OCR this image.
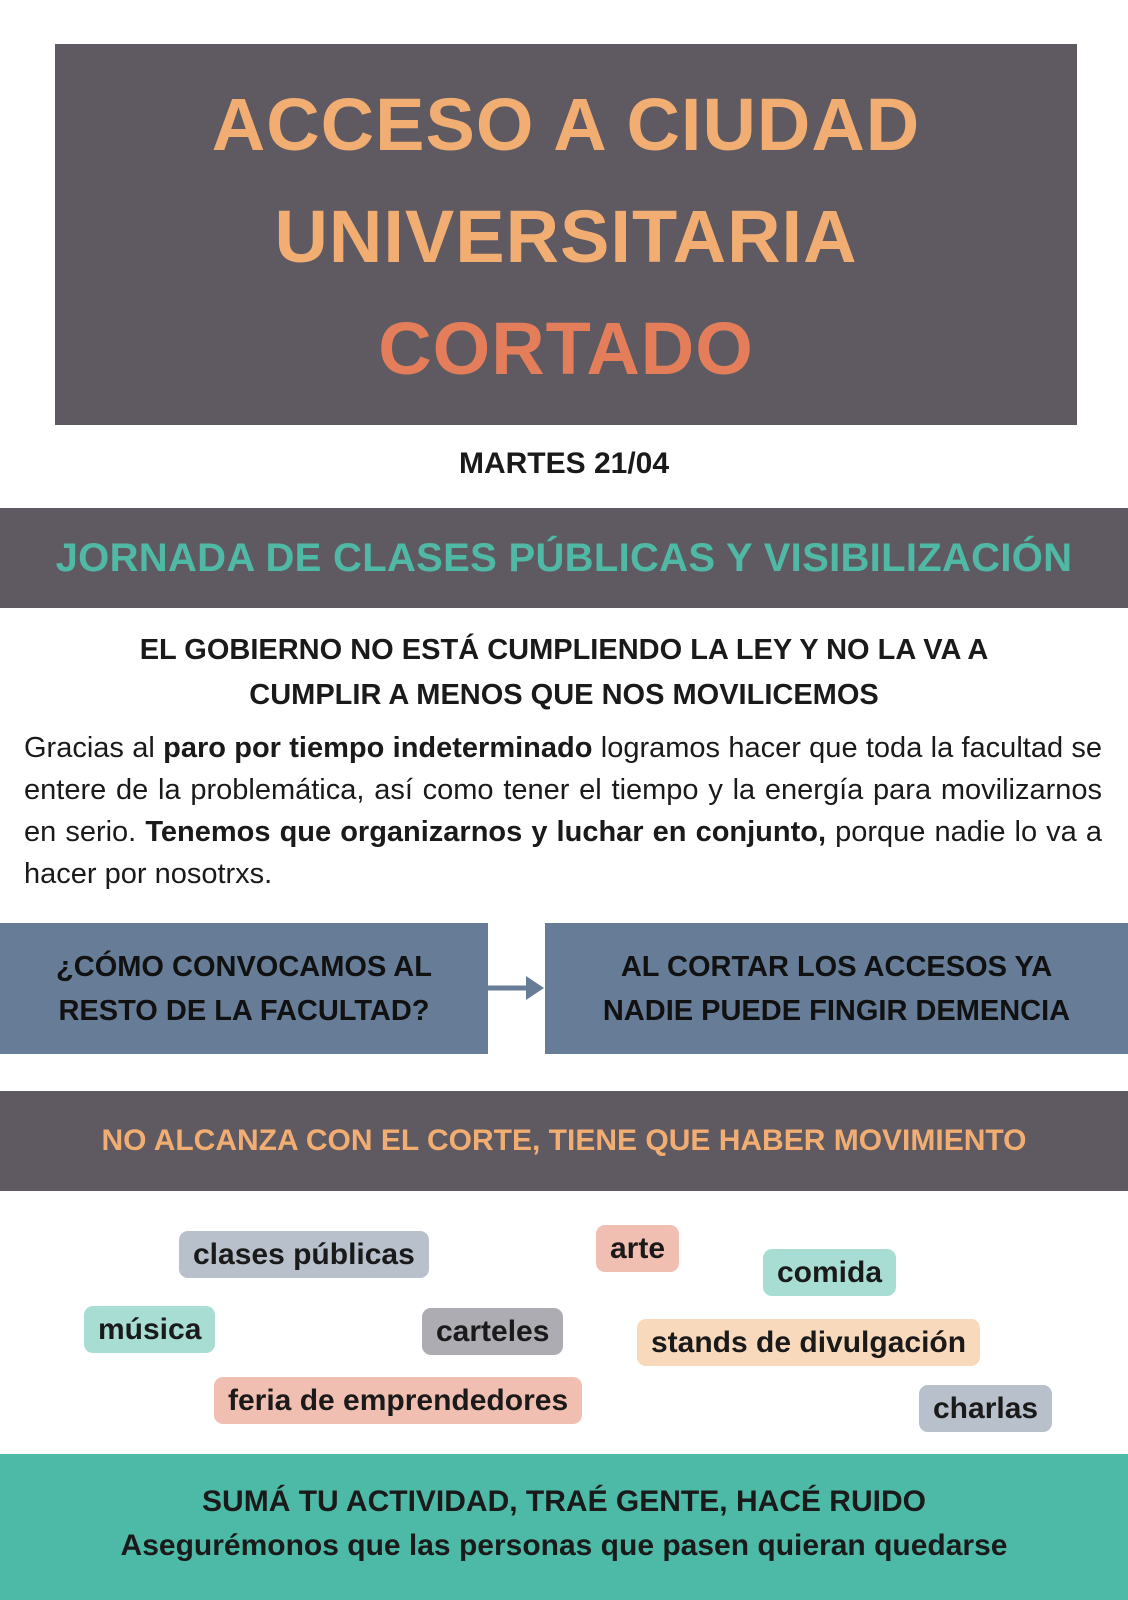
ACCESO A CIUDAD
UNIVERSITARIA
CORTADO
MARTES 21/04
JORNADA DE CLASES PÚBLICAS Y VISIBILIZACIÓN
EL GOBIERNO NO ESTÁ CUMPLIENDO LA LEY Y NO LA VA A
CUMPLIR A MENOS QUE NOS MOVILICEMOS
Gracias al paro por tiempo indeterminado logramos hacer que toda la facultad se entere de la problemática, así como tener el tiempo y la energía para movilizarnos en serio. Tenemos que organizarnos y luchar en conjunto, porque nadie lo va a hacer por nosotrxs.
¿CÓMO CONVOCAMOS AL
RESTO DE LA FACULTAD?
AL CORTAR LOS ACCESOS YA
NADIE PUEDE FINGIR DEMENCIA
NO ALCANZA CON EL CORTE, TIENE QUE HABER MOVIMIENTO
clases públicas	arte
comida
música	carteles	stands de divulgación
feria de emprendedores	charlas
SUMÁ TU ACTIVIDAD, TRAÉ GENTE, HACÉ RUIDO
Asegurémonos que las personas que pasen quieran quedarse
